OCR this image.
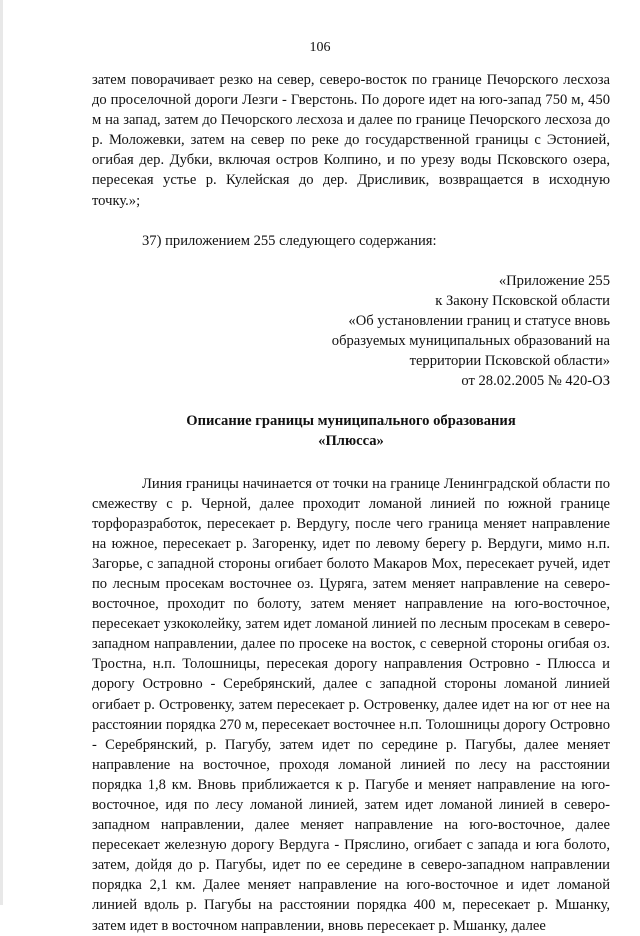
106

затем поворачивает резко на север, северо-восток по границе Печорского лесхоза до проселочной дороги Лезги - Гверстонь. По дороге идет на юго-запад 750 м, 450 м на запад, затем до Печорского лесхоза и далее по границе Печорского лесхоза до р. Моложевки, затем на север по реке до государственной границы с Эстонией, огибая дер. Дубки, включая остров Колпино, и по урезу воды Псковского озера, пересекая устье р. Кулейская до дер. Дрисливик, возвращается в исходную точку.»;

37) приложением 255 следующего содержания:

«Приложение 255
к Закону Псковской области
«Об установлении границ и статусе вновь
образуемых муниципальных образований на
территории Псковской области»
от 28.02.2005 № 420-ОЗ
Описание границы муниципального образования
«Плюсса»

Линия границы начинается от точки на границе Ленинградской области по смежеству с р. Черной, далее проходит ломаной линией по южной границе торфоразработок, пересекает р. Вердугу, после чего граница меняет направление на южное, пересекает р. Загоренку, идет по левому берегу р. Вердуги, мимо н.п. Загорье, с западной стороны огибает болото Макаров Мох, пересекает ручей, идет по лесным просекам восточнее оз. Цуряга, затем меняет направление на северо-восточное, проходит по болоту, затем меняет направление на юго-восточное, пересекает узкоколейку, затем идет ломаной линией по лесным просекам в северо-западном направлении, далее по просеке на восток, с северной стороны огибая оз. Тростна, н.п. Толошницы, пересекая дорогу направления Островно - Плюсса и дорогу Островно - Серебрянский, далее с западной стороны ломаной линией огибает р. Островенку, затем пересекает р. Островенку, далее идет на юг от нее на расстоянии порядка 270 м, пересекает восточнее н.п. Толошницы дорогу Островно - Серебрянский, р. Пагубу, затем идет по середине р. Пагубы, далее меняет направление на восточное, проходя ломаной линией по лесу на расстоянии порядка 1,8 км. Вновь приближается к р. Пагубе и меняет направление на юго-восточное, идя по лесу ломаной линией, затем идет ломаной линией в северо-западном направлении, далее меняет направление на юго-восточное, далее пересекает железную дорогу Вердуга - Пряслино, огибает с запада и юга болото, затем, дойдя до р. Пагубы, идет по ее середине в северо-западном направлении порядка 2,1 км. Далее меняет направление на юго-восточное и идет ломаной линией вдоль р. Пагубы на расстоянии порядка 400 м, пересекает р. Мшанку, затем идет в восточном направлении, вновь пересекает р. Мшанку, далее
